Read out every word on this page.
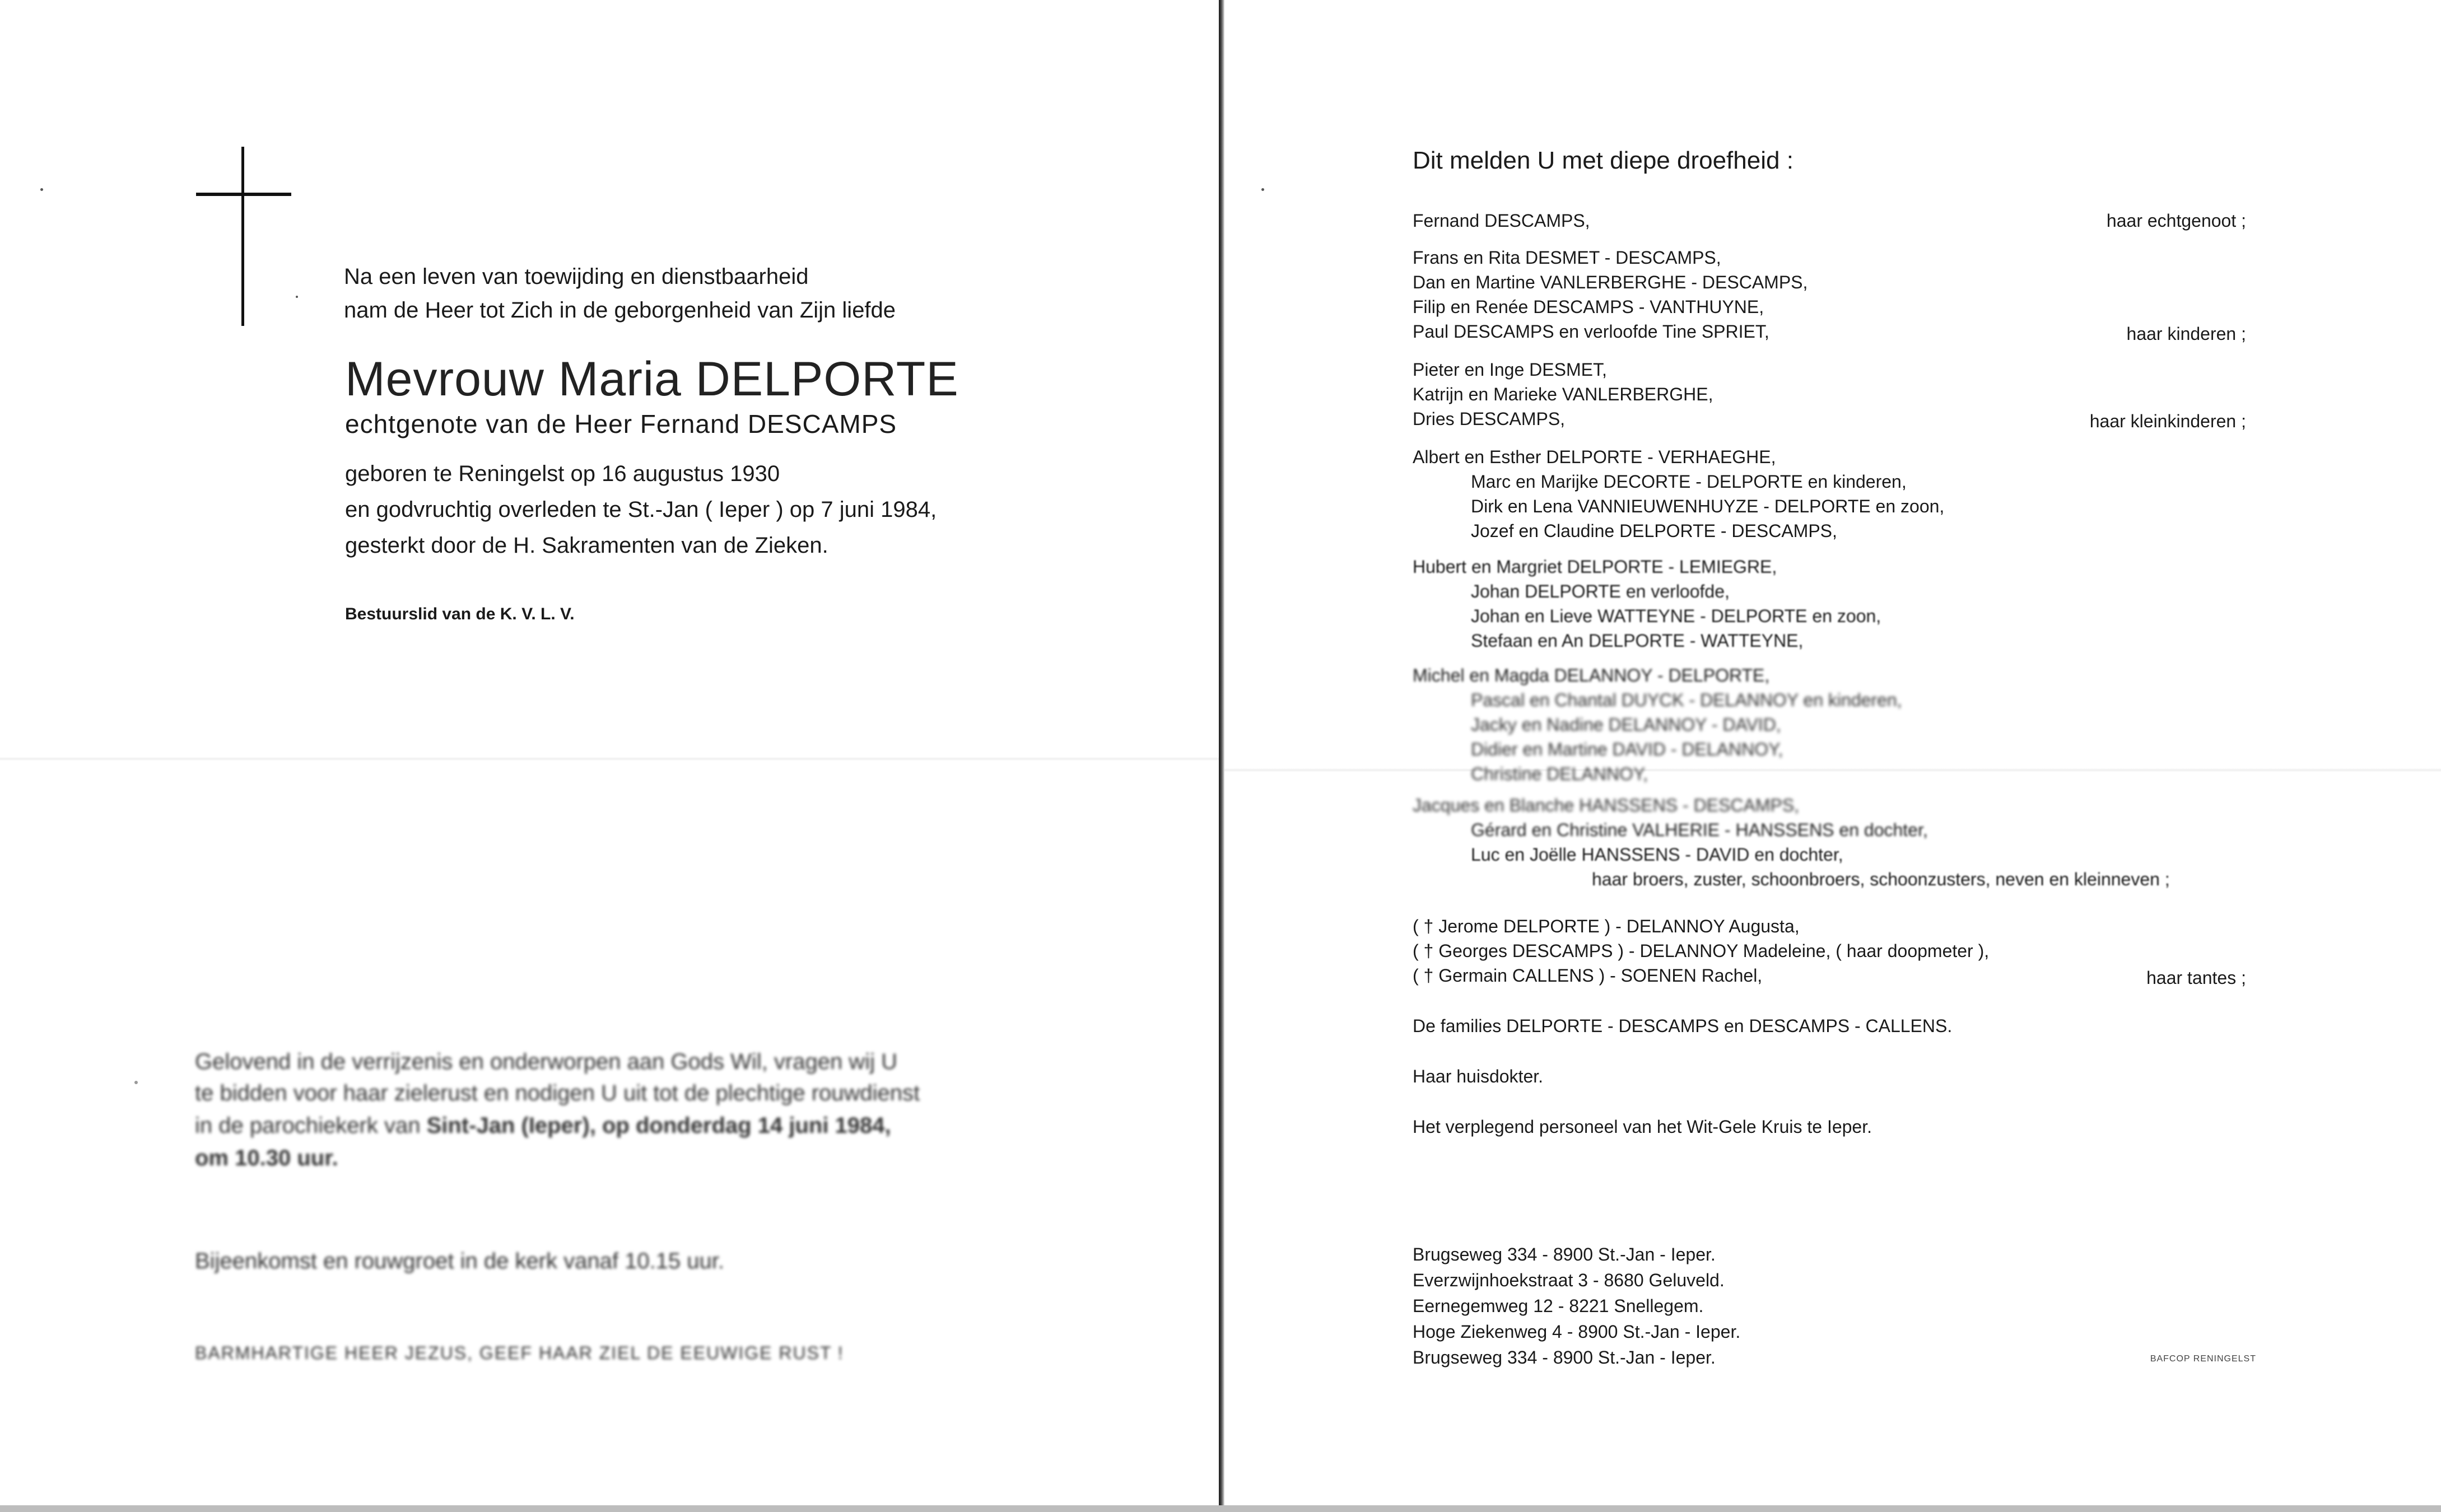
Na een leven van toewijding en dienstbaarheid
nam de Heer tot Zich in de geborgenheid van Zijn liefde
Mevrouw Maria DELPORTE
echtgenote van de Heer Fernand DESCAMPS
geboren te Reningelst op 16 augustus 1930
en godvruchtig overleden te St.-Jan ( Ieper ) op 7 juni 1984,
gesterkt door de H. Sakramenten van de Zieken.
Bestuurslid van de K. V. L. V.
Gelovend in de verrijzenis en onderworpen aan Gods Wil, vragen wij U
te bidden voor haar zielerust en nodigen U uit tot de plechtige rouwdienst
in de parochiekerk van Sint-Jan (Ieper), op donderdag 14 juni 1984,
om 10.30 uur.
Bijeenkomst en rouwgroet in de kerk vanaf 10.15 uur.
BARMHARTIGE HEER JEZUS, GEEF HAAR ZIEL DE EEUWIGE RUST !
Dit melden U met diepe droefheid :
Fernand DESCAMPS,	haar echtgenoot ;
Frans en Rita DESMET - DESCAMPS,
Dan en Martine VANLERBERGHE - DESCAMPS,
Filip en Renée DESCAMPS - VANTHUYNE,
Paul DESCAMPS en verloofde Tine SPRIET,	haar kinderen ;
Pieter en Inge DESMET,
Katrijn en Marieke VANLERBERGHE,
Dries DESCAMPS,	haar kleinkinderen ;
Albert en Esther DELPORTE - VERHAEGHE,
Marc en Marijke DECORTE - DELPORTE en kinderen,
Dirk en Lena VANNIEUWENHUYZE - DELPORTE en zoon,
Jozef en Claudine DELPORTE - DESCAMPS,
Hubert en Margriet DELPORTE - LEMIEGRE,
Johan DELPORTE en verloofde,
Johan en Lieve WATTEYNE - DELPORTE en zoon,
Stefaan en An DELPORTE - WATTEYNE,
Michel en Magda DELANNOY - DELPORTE,
Pascal en Chantal DUYCK - DELANNOY en kinderen,
Jacky en Nadine DELANNOY - DAVID,
Didier en Martine DAVID - DELANNOY,
Christine DELANNOY,
Jacques en Blanche HANSSENS - DESCAMPS,
Gérard en Christine VALHERIE - HANSSENS en dochter,
Luc en Joëlle HANSSENS - DAVID en dochter,
haar broers, zuster, schoonbroers, schoonzusters, neven en kleinneven ;
( † Jerome DELPORTE ) - DELANNOY Augusta,
( † Georges DESCAMPS ) - DELANNOY Madeleine, ( haar doopmeter ),
( † Germain CALLENS ) - SOENEN Rachel,	haar tantes ;
De families DELPORTE - DESCAMPS en DESCAMPS - CALLENS.
Haar huisdokter.
Het verplegend personeel van het Wit-Gele Kruis te Ieper.
Brugseweg 334 - 8900 St.-Jan - Ieper.
Everzwijnhoekstraat 3 - 8680 Geluveld.
Eernegemweg 12 - 8221 Snellegem.
Hoge Ziekenweg 4 - 8900 St.-Jan - Ieper.
Brugseweg 334 - 8900 St.-Jan - Ieper.	BAFCOP RENINGELST
